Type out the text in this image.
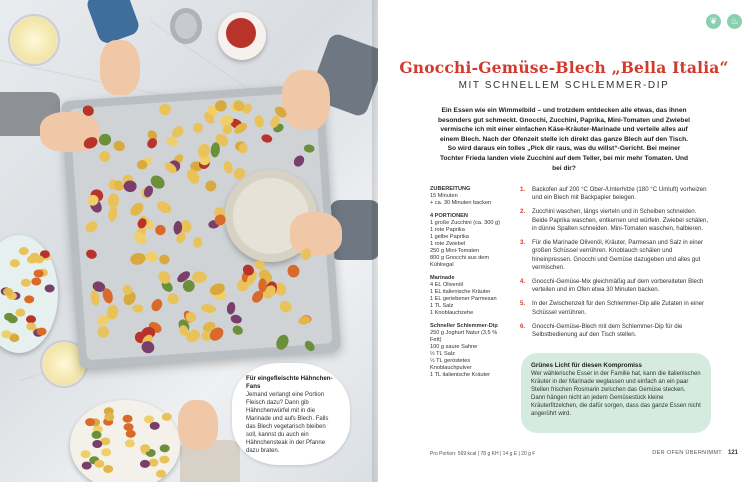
Für eingefleischte Hähnchen-Fans
Jemand verlangt eine Portion Fleisch dazu? Dann gib Hähnchenwürfel mit in die Marinade und aufs Blech. Falls das Blech vegetarisch bleiben soll, kannst du auch ein Hähnchensteak in der Pfanne dazu braten.
❦	♨
Gnocchi-Gemüse-Blech „Bella Italia“
MIT SCHNELLEM SCHLEMMER-DIP
Ein Essen wie ein Wimmelbild – und trotzdem entdecken alle etwas, das ihnen besonders gut schmeckt. Gnocchi, Zucchini, Paprika, Mini-Tomaten und Zwiebel vermische ich mit einer einfachen Käse-Kräuter-Marinade und verteile alles auf einem Blech. Nach der Ofenzeit stelle ich direkt das ganze Blech auf den Tisch. So wird daraus ein tolles „Pick dir raus, was du willst“-Gericht. Bei meiner Tochter Frieda landen viele Zucchini auf dem Teller, bei mir mehr Tomaten. Und bei dir?
ZUBEREITUNG
15 Minuten
+ ca. 30 Minuten backen
4 PORTIONEN
1 große Zucchini (ca. 300 g)
1 rote Paprika
1 gelbe Paprika
1 rote Zwiebel
250 g Mini-Tomaten
800 g Gnocchi aus dem Kühlregal
Marinade
4 EL Olivenöl
1 EL italienische Kräuter
1 EL geriebener Parmesan
1 TL Salz
1 Knoblauchzehe
Schneller Schlemmer-Dip
250 g Joghurt Natur (3,5 % Fett)
100 g saure Sahne
½ TL Salz
½ TL geröstetes Knoblauchpulver
1 TL italienische Kräuter
1. Backofen auf 200 °C Ober-/Unterhitze (180 °C Umluft) vorheizen und ein Blech mit Backpapier belegen.
2. Zucchini waschen, längs vierteln und in Scheiben schneiden. Beide Paprika waschen, entkernen und würfeln. Zwiebel schälen, in dünne Spalten schneiden. Mini-Tomaten waschen, halbieren.
3. Für die Marinade Olivenöl, Kräuter, Parmesan und Salz in einer großen Schüssel verrühren. Knoblauch schälen und hineinpressen. Gnocchi und Gemüse dazugeben und alles gut vermischen.
4. Gnocchi-Gemüse-Mix gleichmäßig auf dem vorbereiteten Blech verteilen und im Ofen etwa 30 Minuten backen.
5. In der Zwischenzeit für den Schlemmer-Dip alle Zutaten in einer Schüssel verrühren.
6. Gnocchi-Gemüse-Blech mit dem Schlemmer-Dip für die Selbstbedienung auf den Tisch stellen.
Grünes Licht für diesen Kompromiss
Wer wählerische Esser in der Familie hat, kann die italienischen Kräuter in der Marinade weglassen und einfach an ein paar Stellen frischen Rosmarin zwischen das Gemüse stecken. Dann hängen nicht an jedem Gemüsestück kleine Kräuterfitzelchen, die dafür sorgen, dass das ganze Essen nicht angerührt wird.
Pro Portion: 569 kcal | 78 g KH | 14 g E | 20 g F	DER OFEN ÜBERNIMMT 121
